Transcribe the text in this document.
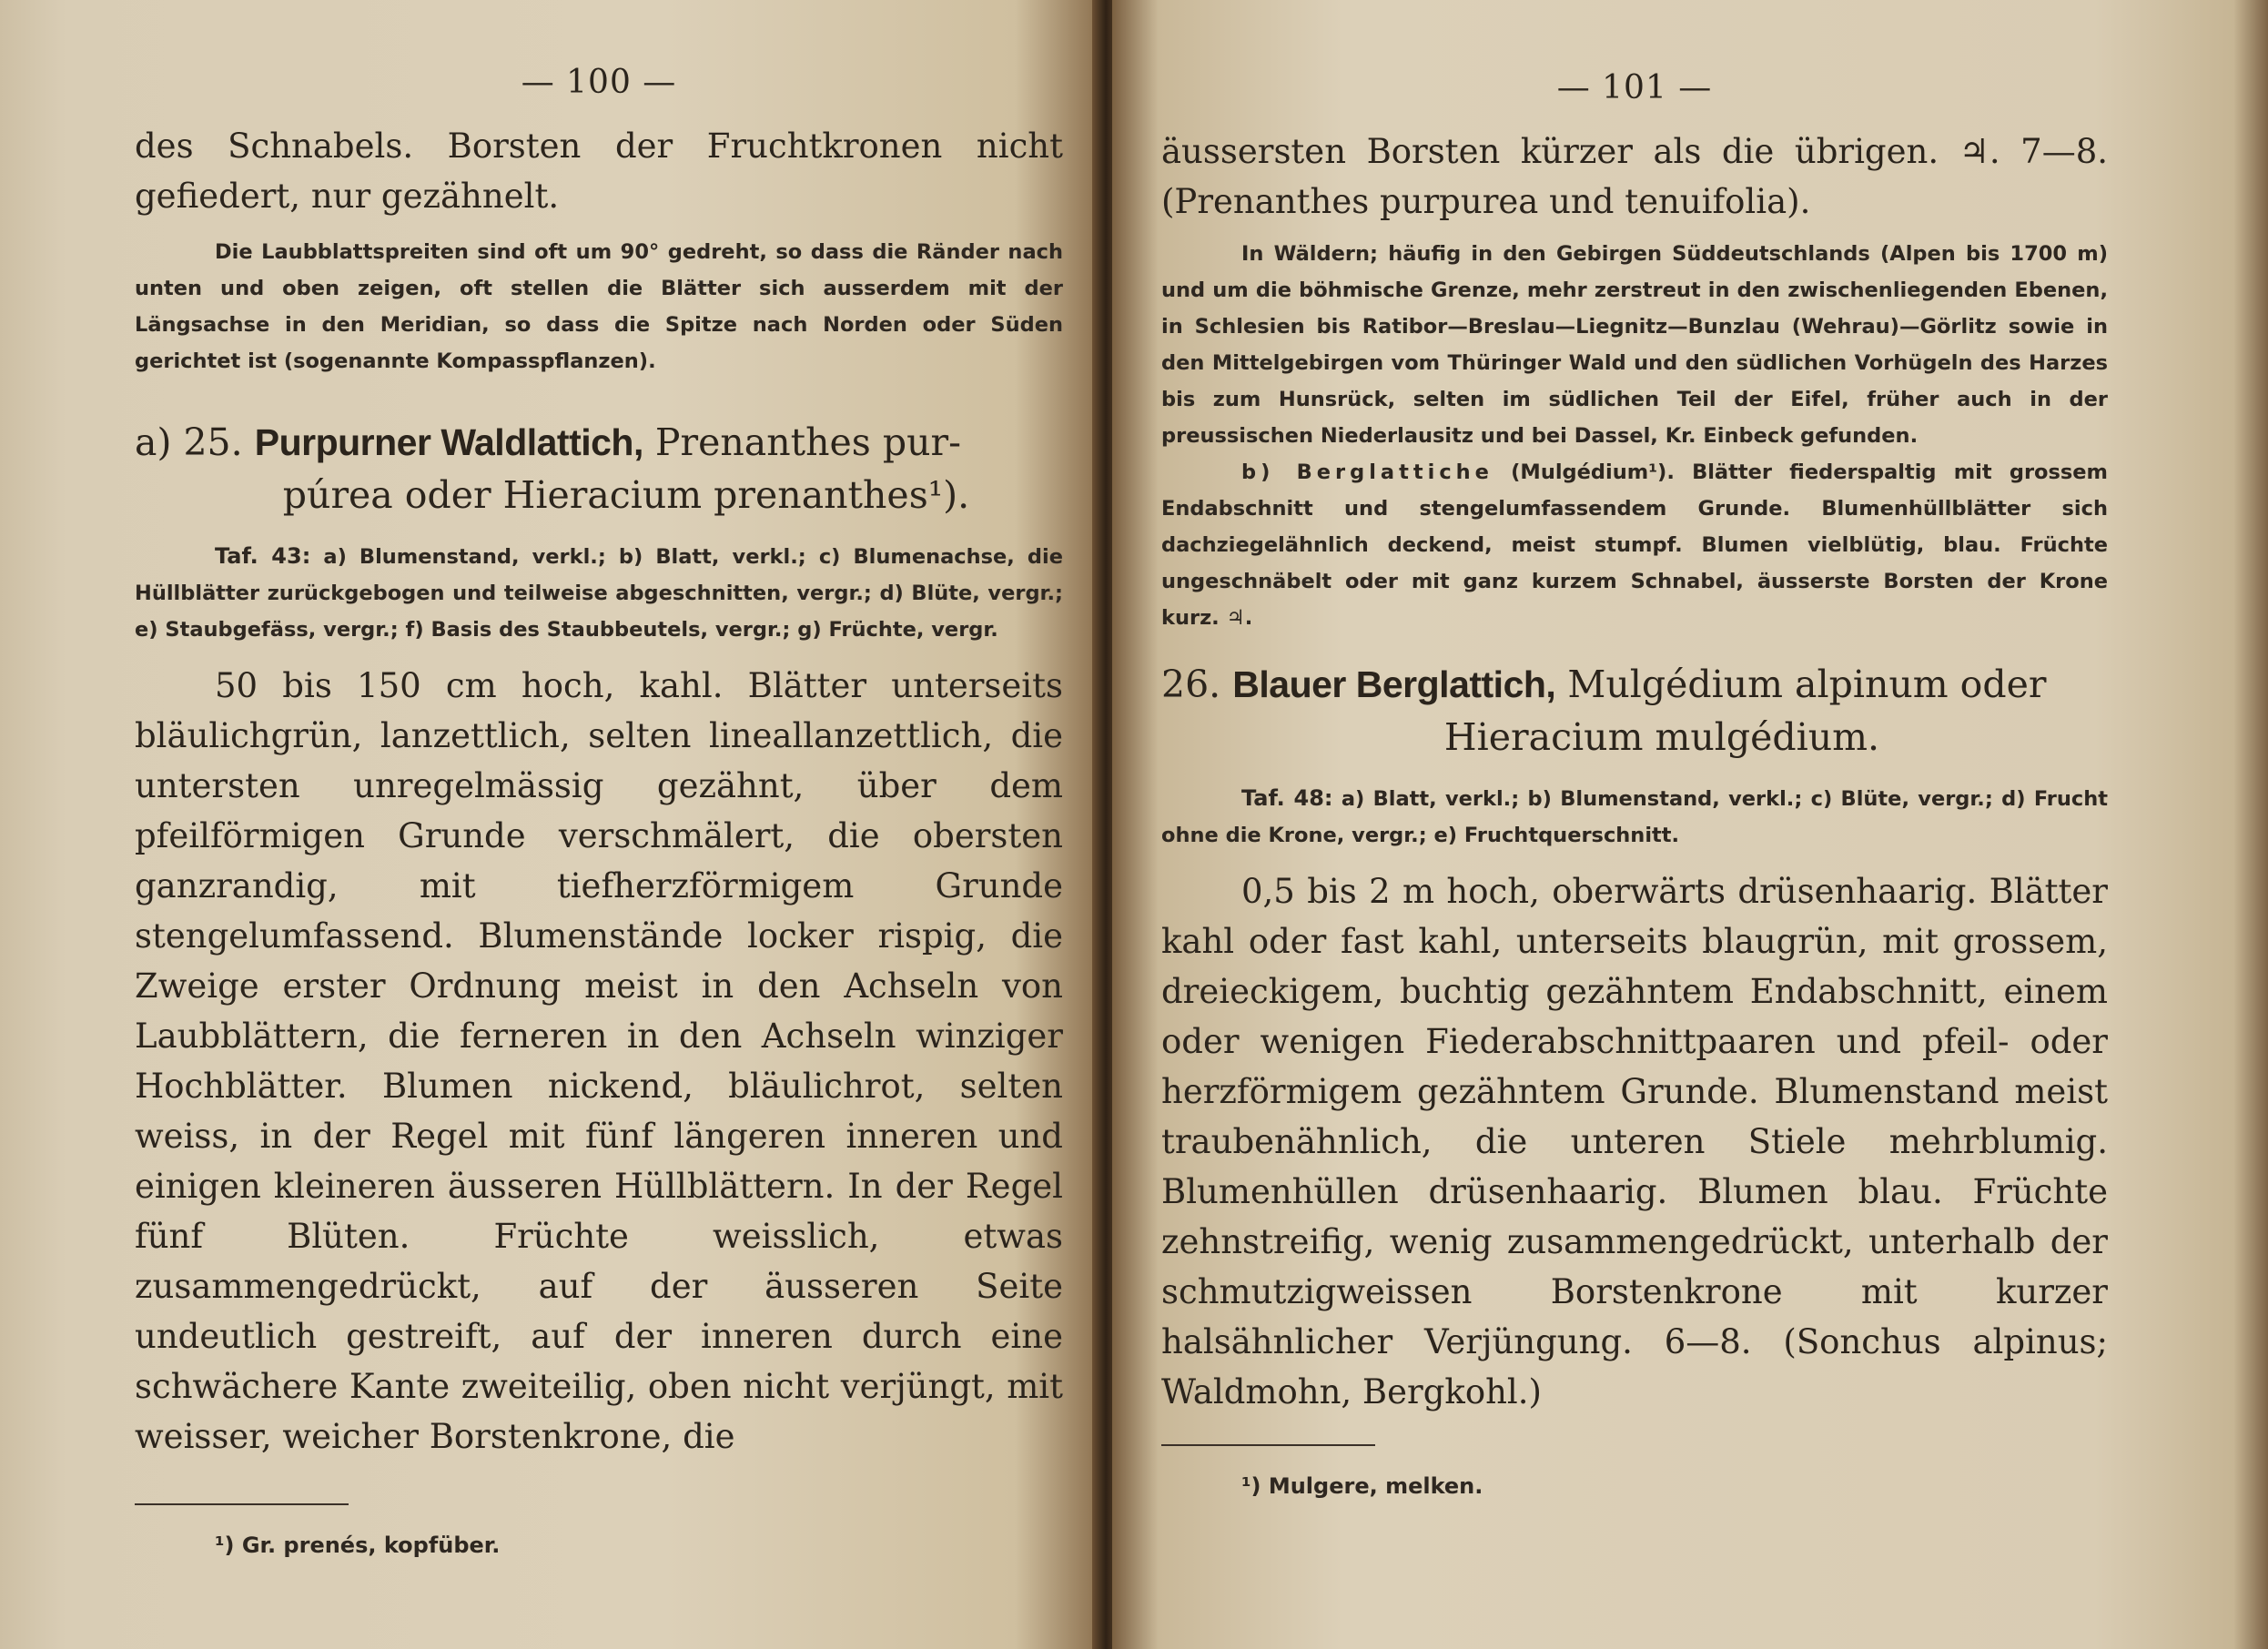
— 100 —

des Schnabels. Borsten der Fruchtkronen nicht gefiedert, nur gezähnelt.

Die Laubblattspreiten sind oft um 90° gedreht, so dass die Ränder nach unten und oben zeigen, oft stellen die Blätter sich ausserdem mit der Längsachse in den Meridian, so dass die Spitze nach Norden oder Süden gerichtet ist (sogenannte Kompasspflanzen).

a) 25. Purpurner Waldlattich, Prenanthes pur-
púrea oder Hieracium prenanthes¹).

Taf. 43: a) Blumenstand, verkl.; b) Blatt, verkl.; c) Blumenachse, die Hüllblätter zurückgebogen und teilweise abgeschnitten, vergr.; d) Blüte, vergr.; e) Staubgefäss, vergr.; f) Basis des Staubbeutels, vergr.; g) Früchte, vergr.

50 bis 150 cm hoch, kahl. Blätter unterseits bläulichgrün, lanzettlich, selten lineallanzettlich, die untersten unregelmässig gezähnt, über dem pfeilförmigen Grunde verschmälert, die obersten ganzrandig, mit tiefherzförmigem Grunde stengelumfassend. Blumenstände locker rispig, die Zweige erster Ordnung meist in den Achseln von Laubblättern, die ferneren in den Achseln winziger Hochblätter. Blumen nickend, bläulichrot, selten weiss, in der Regel mit fünf längeren inneren und einigen kleineren äusseren Hüllblättern. In der Regel fünf Blüten. Früchte weisslich, etwas zusammengedrückt, auf der äusseren Seite undeutlich gestreift, auf der inneren durch eine schwächere Kante zweiteilig, oben nicht verjüngt, mit weisser, weicher Borstenkrone, die

¹) Gr. prenés, kopfüber.
— 101 —

äussersten Borsten kürzer als die übrigen. ♃. 7—8. (Prenanthes purpurea und tenuifolia).

In Wäldern; häufig in den Gebirgen Süddeutschlands (Alpen bis 1700 m) und um die böhmische Grenze, mehr zerstreut in den zwischenliegenden Ebenen, in Schlesien bis Ratibor—Breslau—Liegnitz—Bunzlau (Wehrau)—Görlitz sowie in den Mittelgebirgen vom Thüringer Wald und den südlichen Vorhügeln des Harzes bis zum Hunsrück, selten im südlichen Teil der Eifel, früher auch in der preussischen Niederlausitz und bei Dassel, Kr. Einbeck gefunden.

b) Berglattiche (Mulgédium¹). Blätter fiederspaltig mit grossem Endabschnitt und stengelumfassendem Grunde. Blumenhüllblätter sich dachziegelähnlich deckend, meist stumpf. Blumen vielblütig, blau. Früchte ungeschnäbelt oder mit ganz kurzem Schnabel, äusserste Borsten der Krone kurz. ♃.

26. Blauer Berglattich, Mulgédium alpinum oder
Hieracium mulgédium.

Taf. 48: a) Blatt, verkl.; b) Blumenstand, verkl.; c) Blüte, vergr.; d) Frucht ohne die Krone, vergr.; e) Fruchtquerschnitt.

0,5 bis 2 m hoch, oberwärts drüsenhaarig. Blätter kahl oder fast kahl, unterseits blaugrün, mit grossem, dreieckigem, buchtig gezähntem Endabschnitt, einem oder wenigen Fiederabschnittpaaren und pfeil- oder herzförmigem gezähntem Grunde. Blumenstand meist traubenähnlich, die unteren Stiele mehrblumig. Blumenhüllen drüsenhaarig. Blumen blau. Früchte zehnstreifig, wenig zusammengedrückt, unterhalb der schmutzigweissen Borstenkrone mit kurzer halsähnlicher Verjüngung. 6—8. (Sonchus alpinus; Waldmohn, Bergkohl.)

¹) Mulgere, melken.
